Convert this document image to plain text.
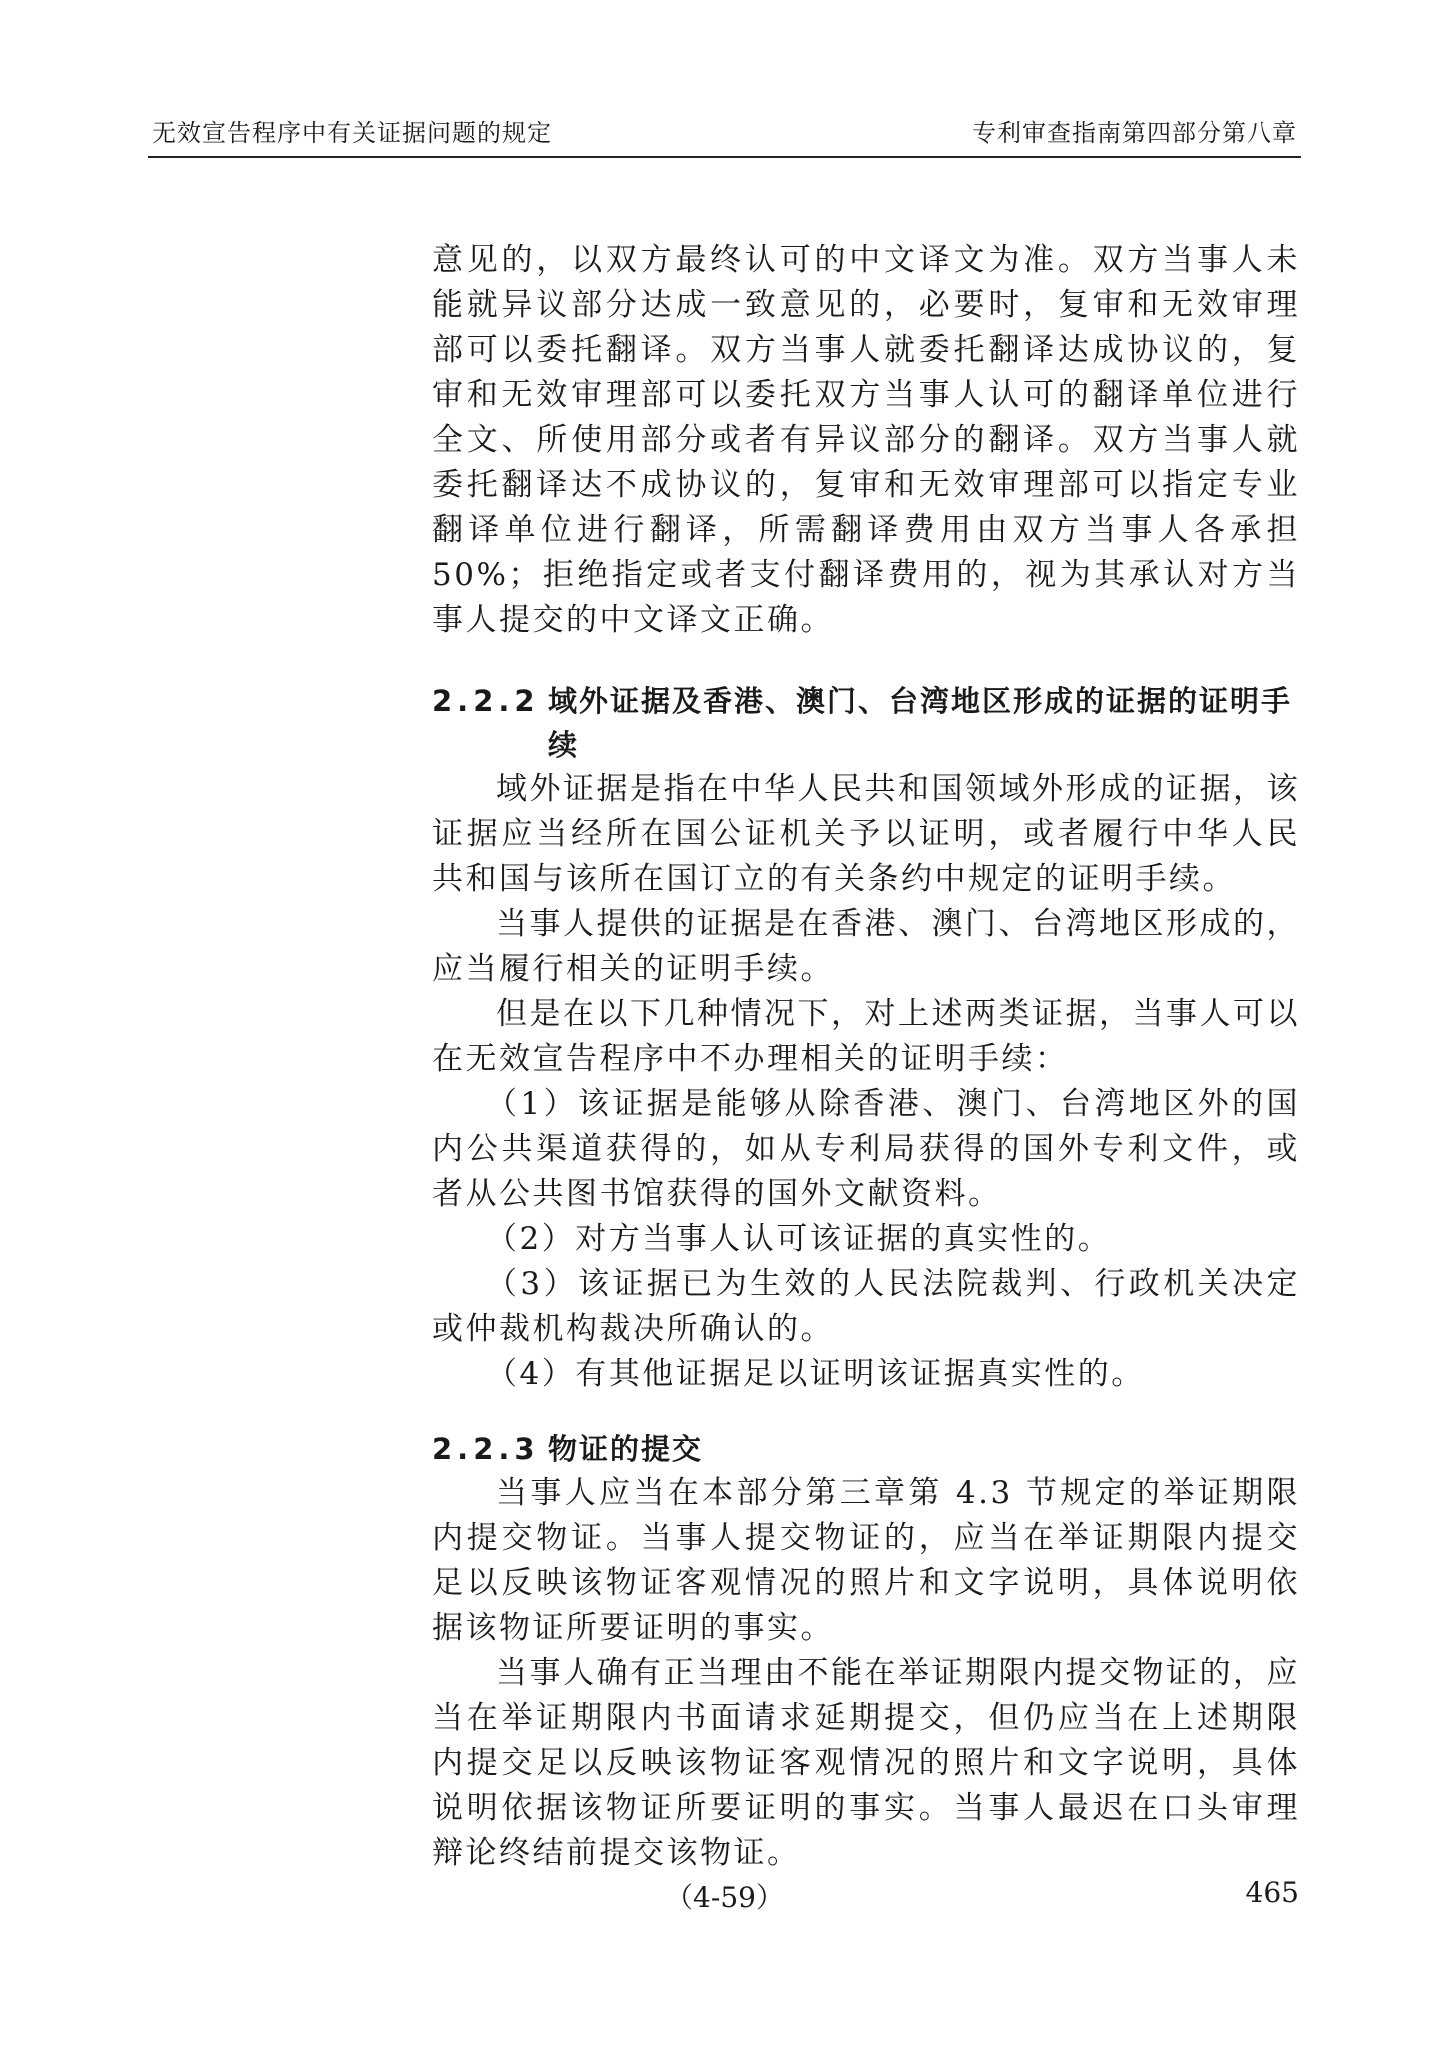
无效宣告程序中有关证据问题的规定	专利审查指南第四部分第八章

意见的，以双方最终认可的中文译文为准。双方当事人未能就异议部分达成一致意见的，必要时，复审和无效审理部可以委托翻译。双方当事人就委托翻译达成协议的，复审和无效审理部可以委托双方当事人认可的翻译单位进行全文、所使用部分或者有异议部分的翻译。双方当事人就委托翻译达不成协议的，复审和无效审理部可以指定专业翻译单位进行翻译，所需翻译费用由双方当事人各承担 50%；拒绝指定或者支付翻译费用的，视为其承认对方当事人提交的中文译文正确。

2.2.2 域外证据及香港、澳门、台湾地区形成的证据的证明手续

域外证据是指在中华人民共和国领域外形成的证据，该证据应当经所在国公证机关予以证明，或者履行中华人民共和国与该所在国订立的有关条约中规定的证明手续。

当事人提供的证据是在香港、澳门、台湾地区形成的，应当履行相关的证明手续。

但是在以下几种情况下，对上述两类证据，当事人可以在无效宣告程序中不办理相关的证明手续：

（1）该证据是能够从除香港、澳门、台湾地区外的国内公共渠道获得的，如从专利局获得的国外专利文件，或者从公共图书馆获得的国外文献资料。

（2）对方当事人认可该证据的真实性的。

（3）该证据已为生效的人民法院裁判、行政机关决定或仲裁机构裁决所确认的。

（4）有其他证据足以证明该证据真实性的。

2.2.3 物证的提交

当事人应当在本部分第三章第 4.3 节规定的举证期限内提交物证。当事人提交物证的，应当在举证期限内提交足以反映该物证客观情况的照片和文字说明，具体说明依据该物证所要证明的事实。

当事人确有正当理由不能在举证期限内提交物证的，应当在举证期限内书面请求延期提交，但仍应当在上述期限内提交足以反映该物证客观情况的照片和文字说明，具体说明依据该物证所要证明的事实。当事人最迟在口头审理辩论终结前提交该物证。

（4-59）	465
